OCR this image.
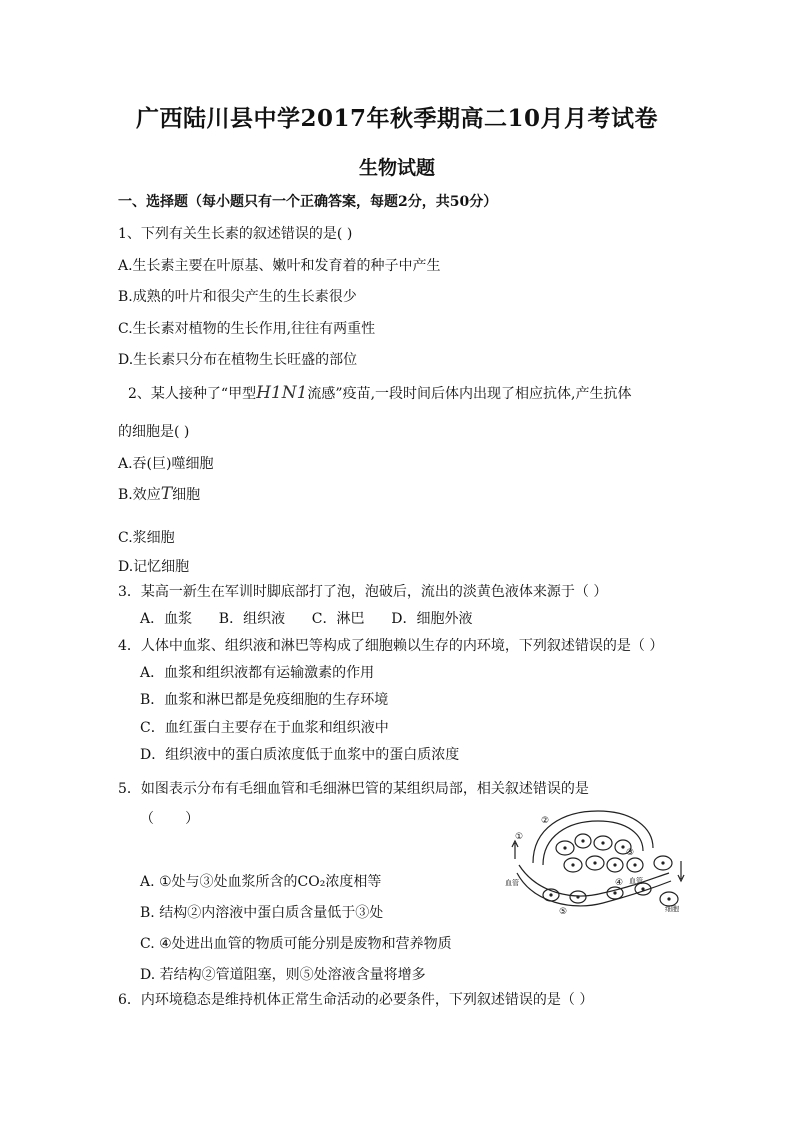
广西陆川县中学2017年秋季期高二10月月考试卷
生物试题
一、选择题（每小题只有一个正确答案，每题2分，共50分）
1、下列有关生长素的叙述错误的是( )
A.生长素主要在叶原基、嫩叶和发育着的种子中产生
B.成熟的叶片和很尖产生的生长素很少
C.生长素对植物的生长作用,往往有两重性
D.生长素只分布在植物生长旺盛的部位
2、某人接种了“甲型H1N1流感”疫苗,一段时间后体内出现了相应抗体,产生抗体
的细胞是( )
A.吞(巨)噬细胞
B.效应T细胞
C.浆细胞
D.记忆细胞
3．某高一新生在军训时脚底部打了泡，泡破后，流出的淡黄色液体来源于（ ）
A．血浆      B．组织液      C．淋巴      D．细胞外液
4．人体中血浆、组织液和淋巴等构成了细胞赖以生存的内环境，下列叙述错误的是（ ）
A．血浆和组织液都有运输激素的作用
B．血浆和淋巴都是免疫细胞的生存环境
C．血红蛋白主要存在于血浆和组织液中
D．组织液中的蛋白质浓度低于血浆中的蛋白质浓度
5．如图表示分布有毛细血管和毛细淋巴管的某组织局部，相关叙述错误的是
（       ）
A. ①处与③处血浆所含的CO₂浓度相等
B. 结构②内溶液中蛋白质含量低于③处
C. ④处进出血管的物质可能分别是废物和营养物质
D. 若结构②管道阻塞，则⑤处溶液含量将增多
①
②
③
④
⑤
血管	血管
细胞
6．内环境稳态是维持机体正常生命活动的必要条件，下列叙述错误的是（ ）
